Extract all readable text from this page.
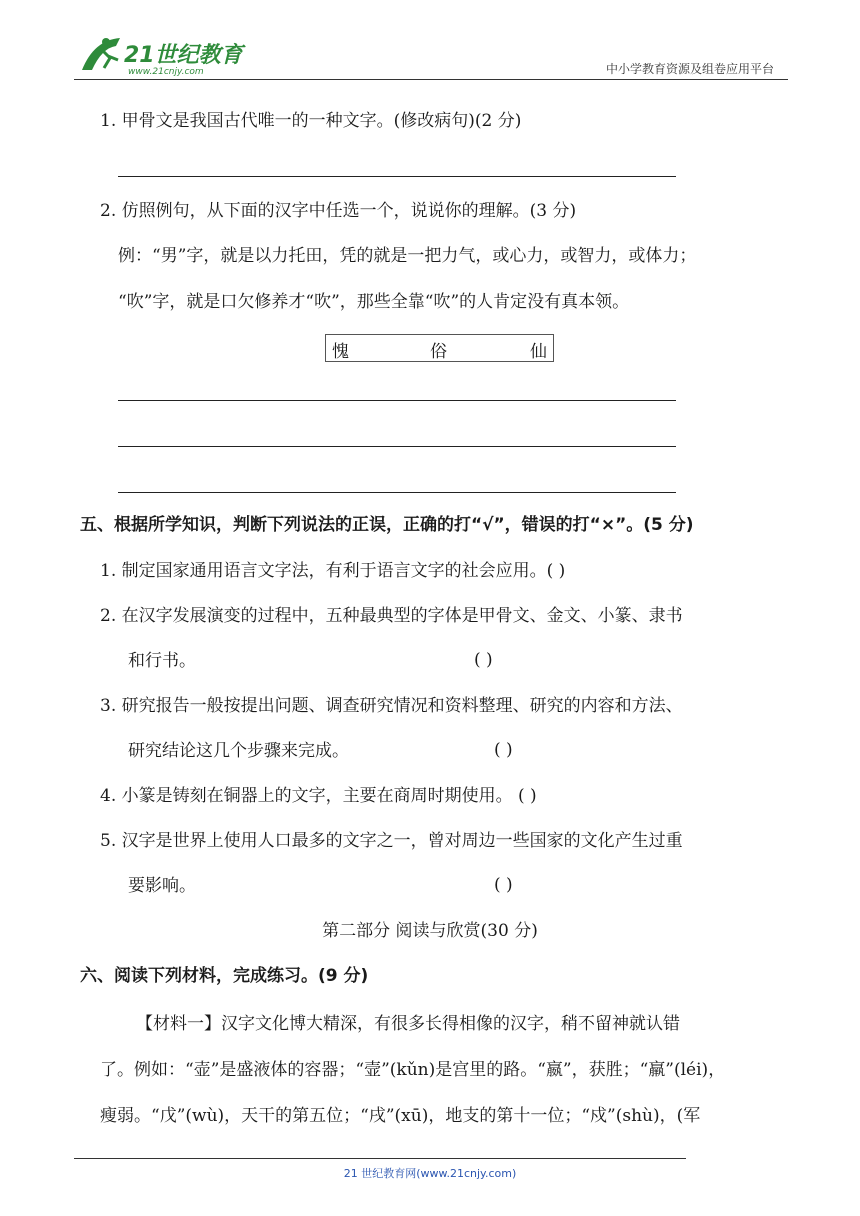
21世纪教育
www.21cnjy.com	中小学教育资源及组卷应用平台
1. 甲骨文是我国古代唯一的一种文字。(修改病句)(2 分)
2. 仿照例句，从下面的汉字中任选一个，说说你的理解。(3 分)
例：“男”字，就是以力托田，凭的就是一把力气，或心力，或智力，或体力；
“吹”字，就是口欠修养才“吹”，那些全靠“吹”的人肯定没有真本领。
愧	俗	仙
五、根据所学知识，判断下列说法的正误，正确的打“√”，错误的打“×”。(5 分)
1. 制定国家通用语言文字法，有利于语言文字的社会应用。( )
2. 在汉字发展演变的过程中，五种最典型的字体是甲骨文、金文、小篆、隶书
和行书。	( )
3. 研究报告一般按提出问题、调查研究情况和资料整理、研究的内容和方法、
研究结论这几个步骤来完成。	( )
4. 小篆是铸刻在铜器上的文字，主要在商周时期使用。 ( )
5. 汉字是世界上使用人口最多的文字之一，曾对周边一些国家的文化产生过重
要影响。	( )
第二部分 阅读与欣赏(30 分)
六、阅读下列材料，完成练习。(9 分)
【材料一】汉字文化博大精深，有很多长得相像的汉字，稍不留神就认错
了。例如：“壶”是盛液体的容器；“壸”(kǔn)是宫里的路。“嬴”，获胜；“羸”(léi)，
瘦弱。“戊”(wù)，天干的第五位；“戌”(xū)，地支的第十一位；“戍”(shù)，(军
21 世纪教育网(www.21cnjy.com)
